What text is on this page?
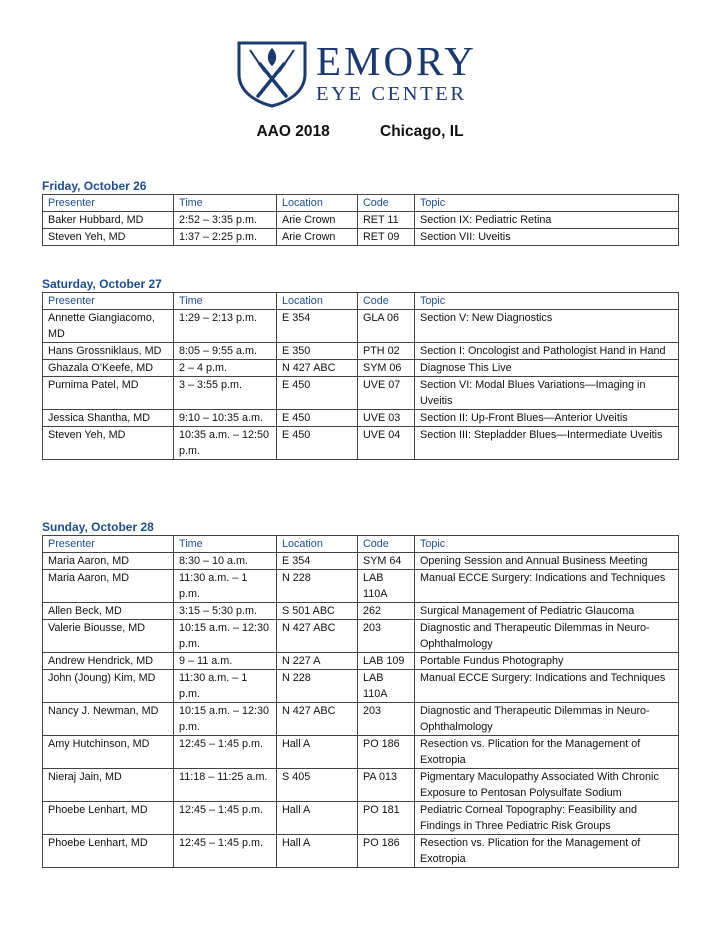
EMORY
EYE CENTER
AAO 2018	Chicago, IL
Friday, October 26
Presenter	Time	Location	Code	Topic
Baker Hubbard, MD	2:52 – 3:35 p.m.	Arie Crown	RET 11	Section IX: Pediatric Retina
Steven Yeh, MD	1:37 – 2:25 p.m.	Arie Crown	RET 09	Section VII: Uveitis
Saturday, October 27
Presenter	Time	Location	Code	Topic
Annette Giangiacomo, MD	1:29 – 2:13 p.m.	E 354	GLA 06	Section V: New Diagnostics
Hans Grossniklaus, MD	8:05 – 9:55 a.m.	E 350	PTH 02	Section I: Oncologist and Pathologist Hand in Hand
Ghazala O’Keefe, MD	2 – 4 p.m.	N 427 ABC	SYM 06	Diagnose This Live
Purnima Patel, MD	3 – 3:55 p.m.	E 450	UVE 07	Section VI: Modal Blues Variations—Imaging in Uveitis
Jessica Shantha, MD	9:10 – 10:35 a.m.	E 450	UVE 03	Section II: Up-Front Blues—Anterior Uveitis
Steven Yeh, MD	10:35 a.m. – 12:50 p.m.	E 450	UVE 04	Section III: Stepladder Blues—Intermediate Uveitis
Sunday, October 28
Presenter	Time	Location	Code	Topic
Maria Aaron, MD	8:30 – 10 a.m.	E 354	SYM 64	Opening Session and Annual Business Meeting
Maria Aaron, MD	11:30 a.m. – 1 p.m.	N 228	LAB 110A	Manual ECCE Surgery: Indications and Techniques
Allen Beck, MD	3:15 – 5:30 p.m.	S 501 ABC	262	Surgical Management of Pediatric Glaucoma
Valerie Biousse, MD	10:15 a.m. – 12:30 p.m.	N 427 ABC	203	Diagnostic and Therapeutic Dilemmas in Neuro-Ophthalmology
Andrew Hendrick, MD	9 – 11 a.m.	N 227 A	LAB 109	Portable Fundus Photography
John (Joung) Kim, MD	11:30 a.m. – 1 p.m.	N 228	LAB 110A	Manual ECCE Surgery: Indications and Techniques
Nancy J. Newman, MD	10:15 a.m. – 12:30 p.m.	N 427 ABC	203	Diagnostic and Therapeutic Dilemmas in Neuro-Ophthalmology
Amy Hutchinson, MD	12:45 – 1:45 p.m.	Hall A	PO 186	Resection vs. Plication for the Management of Exotropia
Nieraj Jain, MD	11:18 – 11:25 a.m.	S 405	PA 013	Pigmentary Maculopathy Associated With Chronic Exposure to Pentosan Polysulfate Sodium
Phoebe Lenhart, MD	12:45 – 1:45 p.m.	Hall A	PO 181	Pediatric Corneal Topography: Feasibility and Findings in Three Pediatric Risk Groups
Phoebe Lenhart, MD	12:45 – 1:45 p.m.	Hall A	PO 186	Resection vs. Plication for the Management of Exotropia
